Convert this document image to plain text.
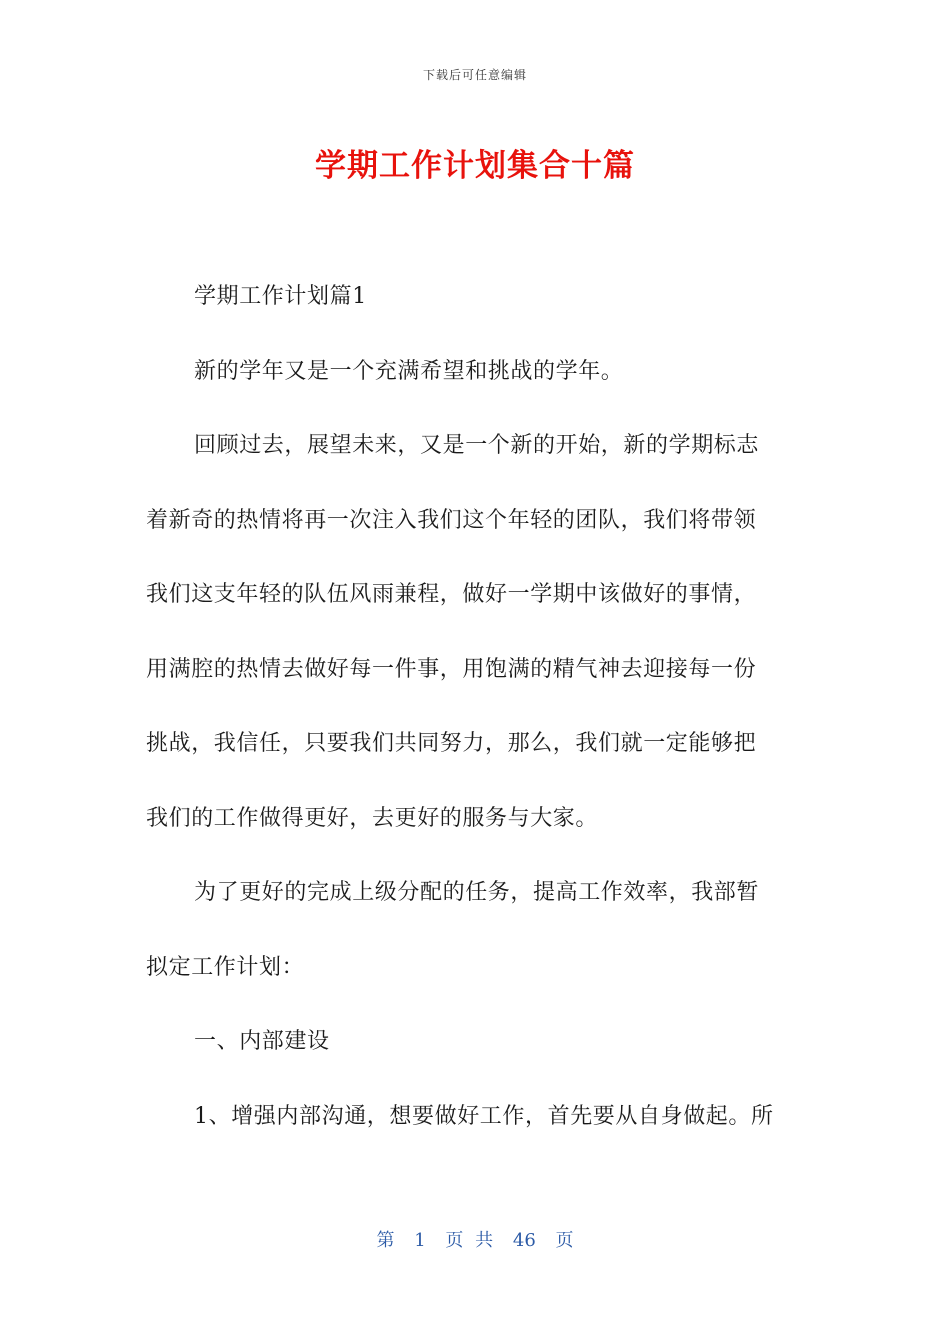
下载后可任意编辑
学期工作计划集合十篇
学期工作计划篇1
新的学年又是一个充满希望和挑战的学年。
回顾过去，展望未来，又是一个新的开始，新的学期标志
着新奇的热情将再一次注入我们这个年轻的团队，我们将带领
我们这支年轻的队伍风雨兼程，做好一学期中该做好的事情，
用满腔的热情去做好每一件事，用饱满的精气神去迎接每一份
挑战，我信任，只要我们共同努力，那么，我们就一定能够把
我们的工作做得更好，去更好的服务与大家。
为了更好的完成上级分配的任务，提高工作效率，我部暂
拟定工作计划：
一、内部建设
1、增强内部沟通，想要做好工作，首先要从自身做起。所
第 1 页 共 46 页
